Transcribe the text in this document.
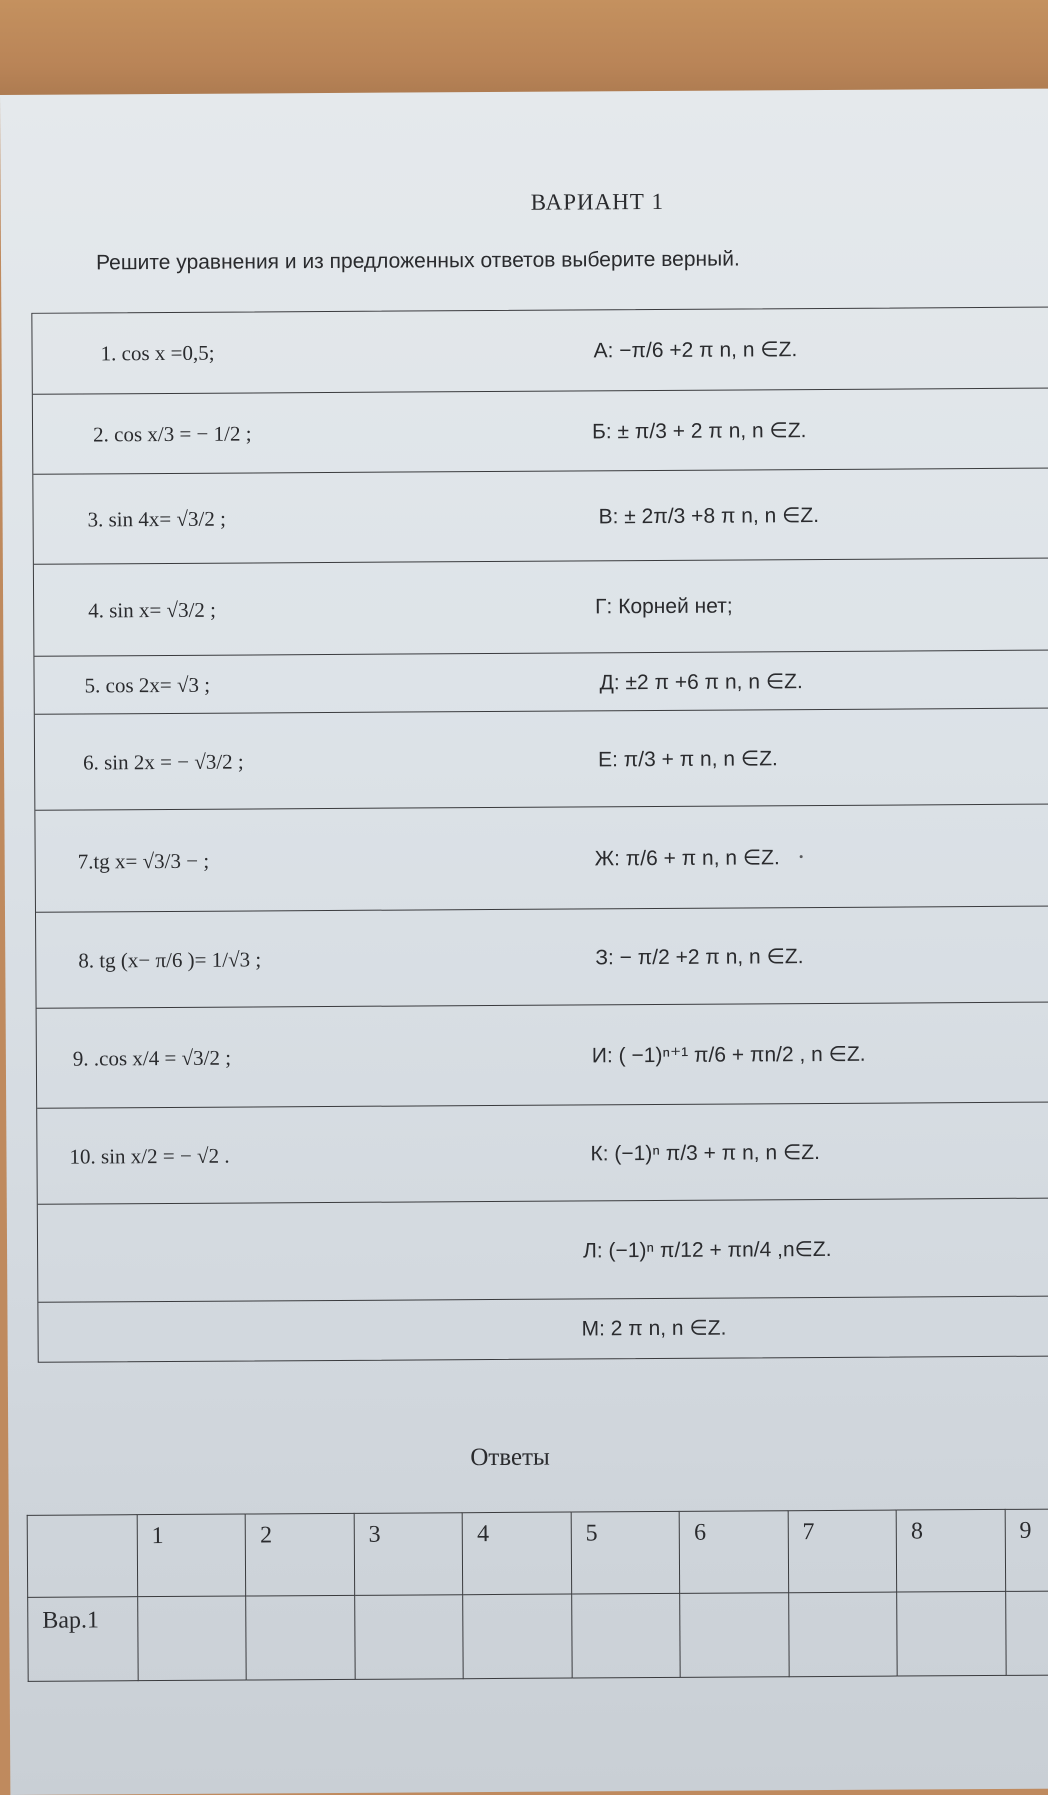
ВАРИАНТ 1
Решите уравнения и из предложенных ответов выберите верный.
1. cos x =0,5;	А: −π/6 +2 π n, n ∈Z.
2. cos x/3 = − 1/2 ;	Б: ± π/3 + 2 π n, n ∈Z.
3. sin 4x= √3/2 ;	В: ± 2π/3 +8 π n, n ∈Z.
4. sin x= √3/2 ;	Г: Корней нет;
5. cos 2x= √3 ;	Д: ±2 π +6 π n, n ∈Z.
6. sin 2x = − √3/2 ;	Е: π/3 + π n, n ∈Z.
7.tg x= √3/3 − ;	Ж: π/6 + π n, n ∈Z.
8. tg (x− π/6 )= 1/√3 ;	З: − π/2 +2 π n, n ∈Z.
9. .cos x/4 = √3/2 ;	И: ( −1)ⁿ⁺¹ π/6 + πn/2 , n ∈Z.
10. sin x/2 = − √2 .	К: (−1)ⁿ π/3 + π n, n ∈Z.
Л: (−1)ⁿ π/12 + πn/4 ,n∈Z.
М: 2 π n, n ∈Z.
Ответы
	1	2	3	4	5	6	7	8	9
Вар.1									
